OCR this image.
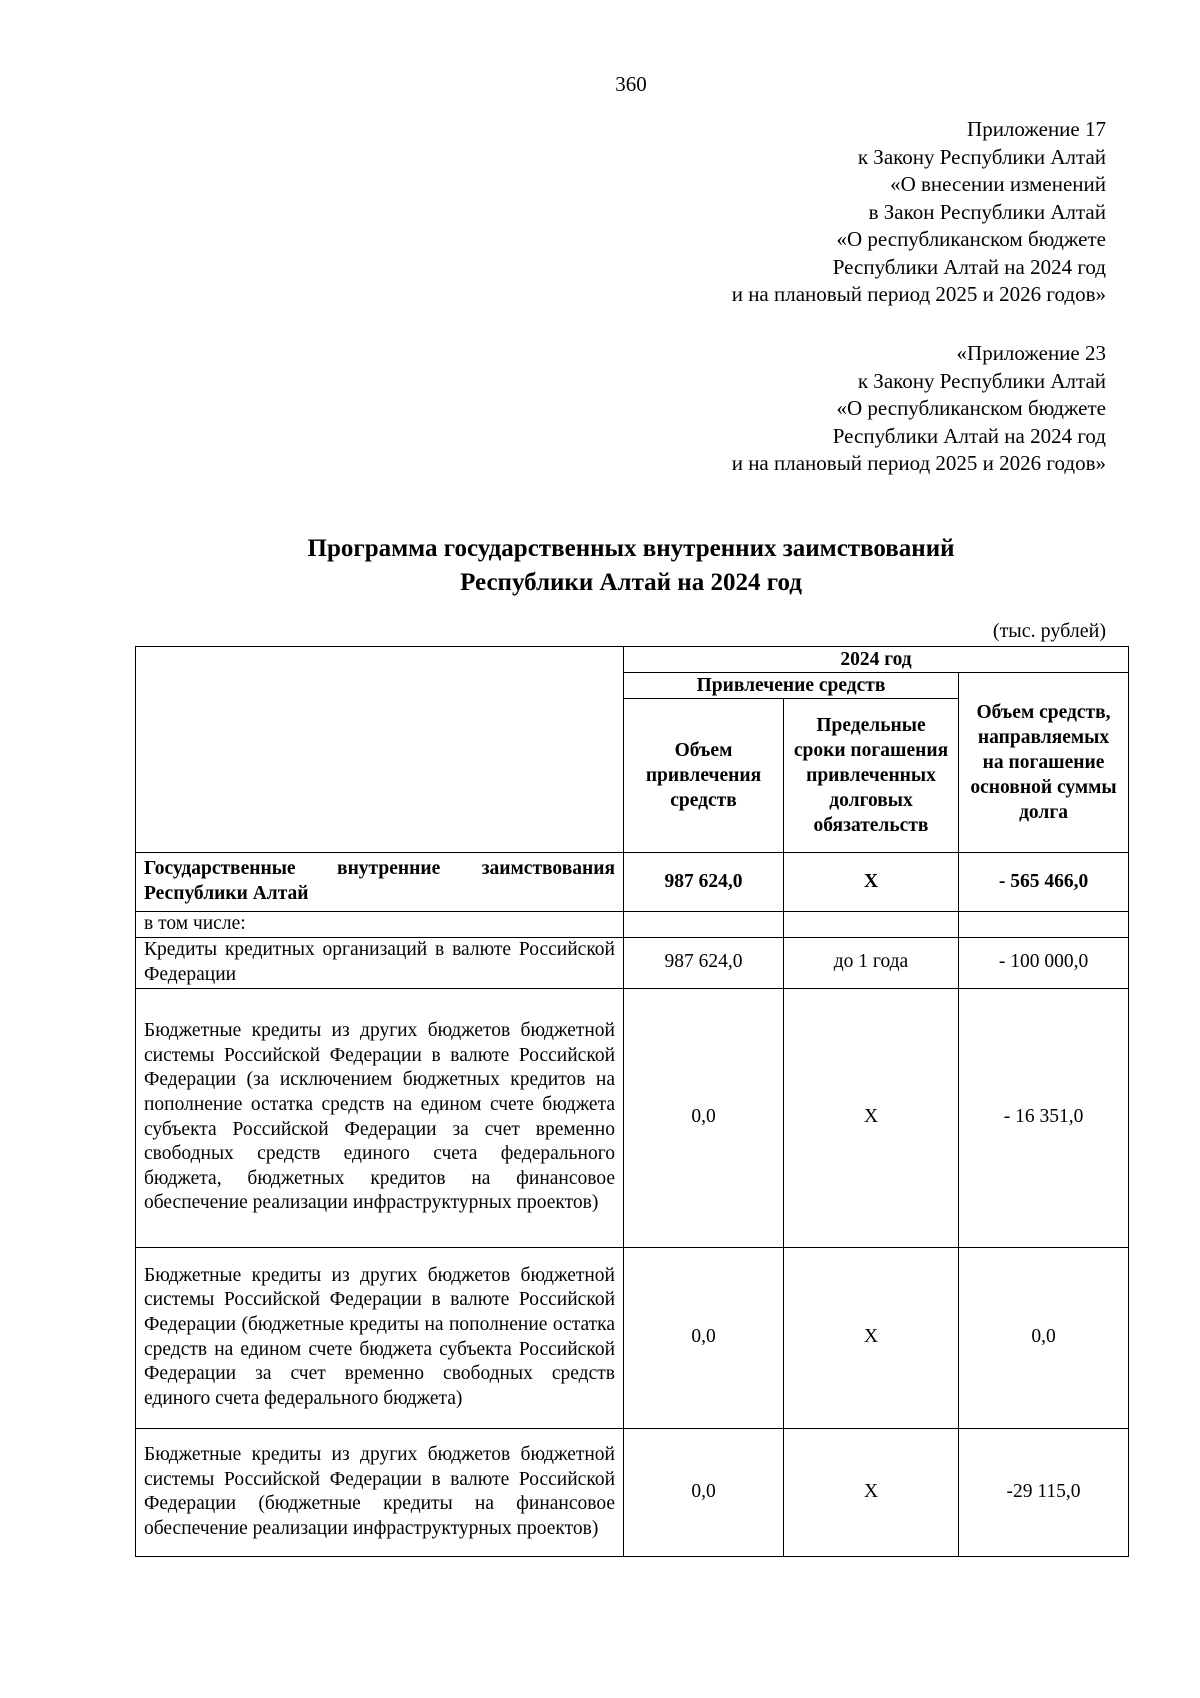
360
Приложение 17
к Закону Республики Алтай
«О внесении изменений
в Закон Республики Алтай
«О республиканском бюджете
Республики Алтай на 2024 год
и на плановый период 2025 и 2026 годов»
«Приложение 23
к Закону Республики Алтай
«О республиканском бюджете
Республики Алтай на 2024 год
и на плановый период 2025 и 2026 годов»
Программа государственных внутренних заимствований
Республики Алтай на 2024 год
(тыс. рублей)
	2024 год		
	Привлечение средств		Объем средств, направляемых на погашение основной суммы долга
	Объем привлечения средств	Предельные сроки погашения привлеченных долговых обязательств	
Государственные внутренние заимствования Республики Алтай	987 624,0	X	- 565 466,0
в том числе:			
Кредиты кредитных организаций в валюте Российской Федерации	987 624,0	до 1 года	- 100 000,0
Бюджетные кредиты из других бюджетов бюджетной системы Российской Федерации в валюте Российской Федерации (за исключением бюджетных кредитов на пополнение остатка средств на едином счете бюджета субъекта Российской Федерации за счет временно свободных средств единого счета федерального бюджета, бюджетных кредитов на финансовое обеспечение реализации инфраструктурных проектов)	0,0	X	- 16 351,0
Бюджетные кредиты из других бюджетов бюджетной системы Российской Федерации в валюте Российской Федерации (бюджетные кредиты на пополнение остатка средств на едином счете бюджета субъекта Российской Федерации за счет временно свободных средств единого счета федерального бюджета)	0,0	X	0,0
Бюджетные кредиты из других бюджетов бюджетной системы Российской Федерации в валюте Российской Федерации (бюджетные кредиты на финансовое обеспечение реализации инфраструктурных проектов)	0,0	X	-29 115,0
